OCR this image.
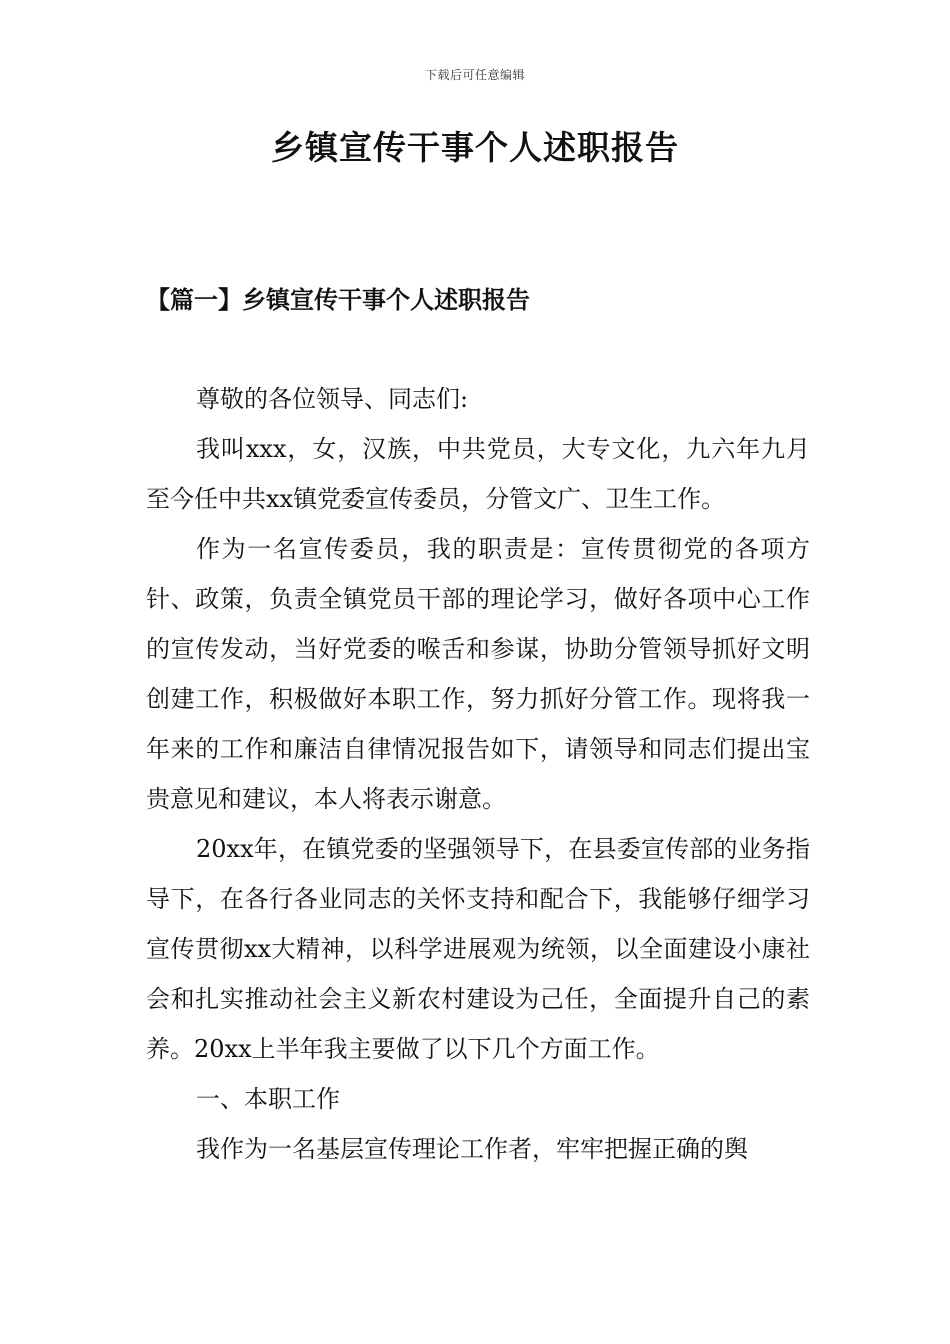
下载后可任意编辑
乡镇宣传干事个人述职报告
【篇一】乡镇宣传干事个人述职报告

尊敬的各位领导、同志们:

我叫xxx，女，汉族，中共党员，大专文化，九六年九月至今任中共xx镇党委宣传委员，分管文广、卫生工作。

作为一名宣传委员，我的职责是：宣传贯彻党的各项方针、政策，负责全镇党员干部的理论学习，做好各项中心工作的宣传发动，当好党委的喉舌和参谋，协助分管领导抓好文明创建工作，积极做好本职工作，努力抓好分管工作。现将我一年来的工作和廉洁自律情况报告如下，请领导和同志们提出宝贵意见和建议，本人将表示谢意。

20xx年，在镇党委的坚强领导下，在县委宣传部的业务指导下，在各行各业同志的关怀支持和配合下，我能够仔细学习宣传贯彻xx大精神，以科学进展观为统领，以全面建设小康社会和扎实推动社会主义新农村建设为己任，全面提升自己的素养。20xx上半年我主要做了以下几个方面工作。

一、本职工作

我作为一名基层宣传理论工作者，牢牢把握正确的舆
